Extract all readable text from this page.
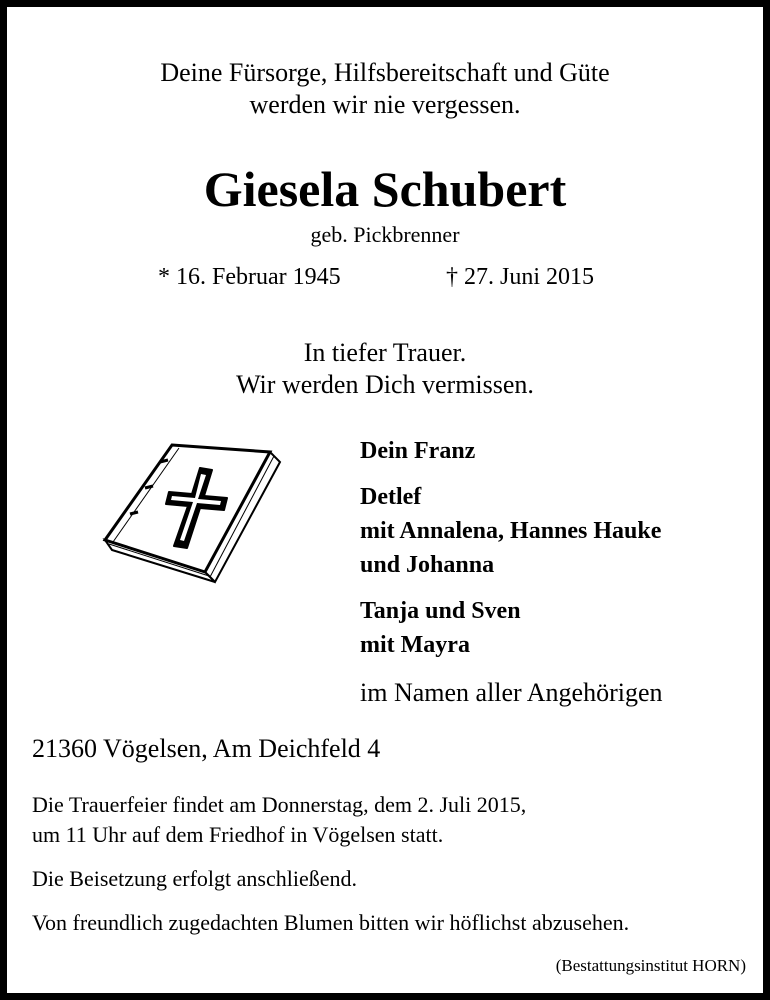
Deine Fürsorge, Hilfsbereitschaft und Güte
werden wir nie vergessen.
Giesela Schubert
geb. Pickbrenner
* 16. Februar 1945	† 27. Juni 2015
In tiefer Trauer.
Wir werden Dich vermissen.
Dein Franz
Detlef
mit Annalena, Hannes Hauke
und Johanna
Tanja und Sven
mit Mayra
im Namen aller Angehörigen
21360 Vögelsen, Am Deichfeld 4
Die Trauerfeier findet am Donnerstag, dem 2. Juli 2015,
um 11 Uhr auf dem Friedhof in Vögelsen statt.
Die Beisetzung erfolgt anschließend.
Von freundlich zugedachten Blumen bitten wir höflichst abzusehen.
(Bestattungsinstitut HORN)
